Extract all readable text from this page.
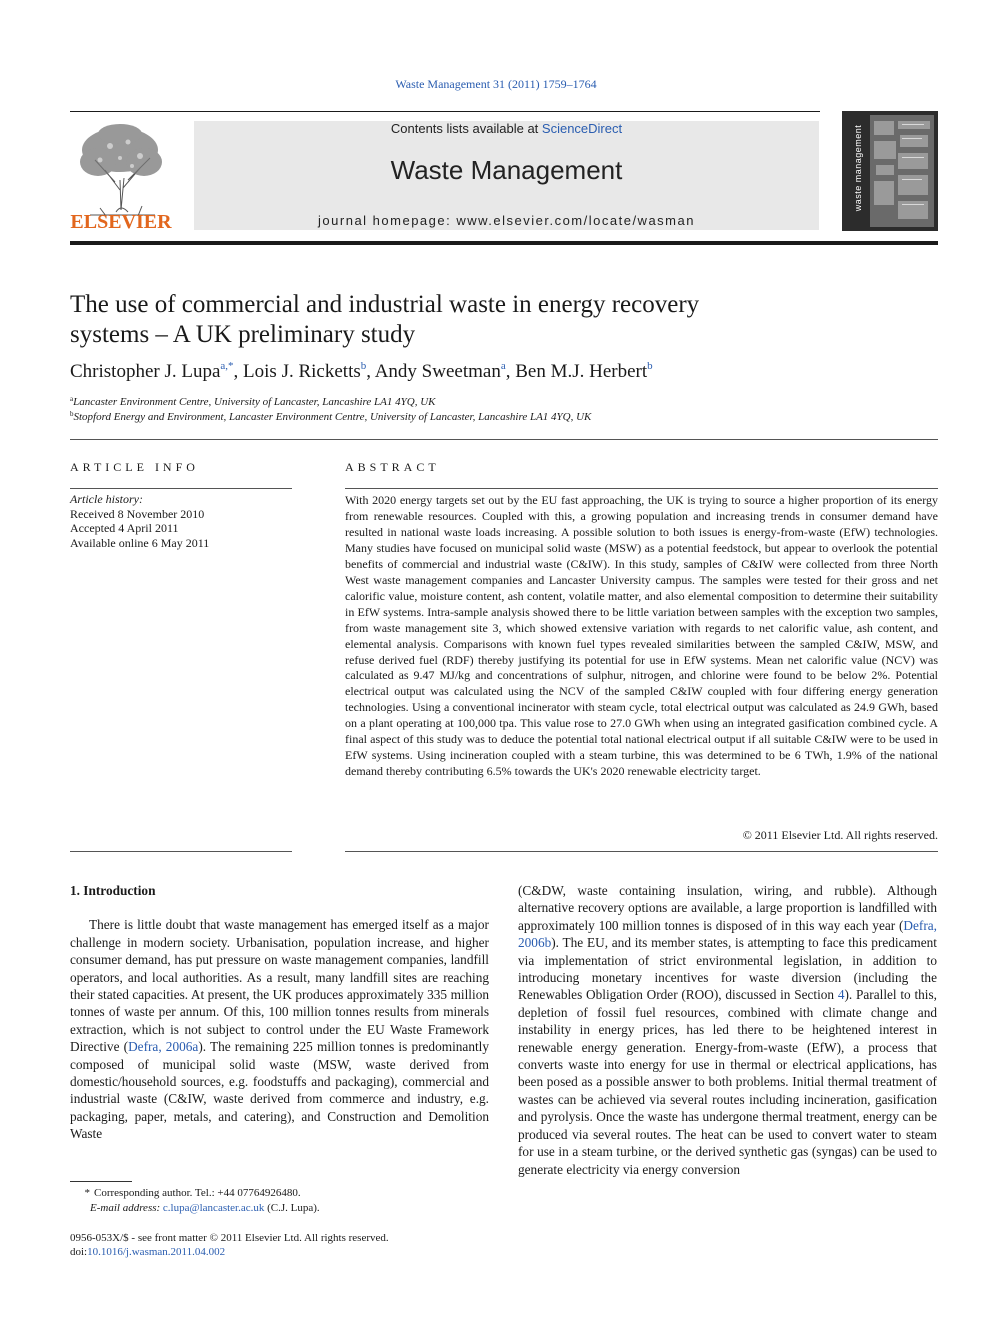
Waste Management 31 (2011) 1759–1764
ELSEVIER
Contents lists available at ScienceDirect
Waste Management
journal homepage: www.elsevier.com/locate/wasman
waste management
The use of commercial and industrial waste in energy recovery systems – A UK preliminary study
Christopher J. Lupa$^{a,*}$, Lois J. Ricketts$^b$, Andy Sweetman$^a$, Ben M.J. Herbert$^b$
$^a$Lancaster Environment Centre, University of Lancaster, Lancashire LA1 4YQ, UK
$^b$Stopford Energy and Environment, Lancaster Environment Centre, University of Lancaster, Lancashire LA1 4YQ, UK
ARTICLE INFO
Article history:
Received 8 November 2010
Accepted 4 April 2011
Available online 6 May 2011
ABSTRACT
With 2020 energy targets set out by the EU fast approaching, the UK is trying to source a higher proportion of its energy from renewable resources. Coupled with this, a growing population and increasing trends in consumer demand have resulted in national waste loads increasing. A possible solution to both issues is energy-from-waste (EfW) technologies. Many studies have focused on municipal solid waste (MSW) as a potential feedstock, but appear to overlook the potential benefits of commercial and industrial waste (C&IW). In this study, samples of C&IW were collected from three North West waste management companies and Lancaster University campus. The samples were tested for their gross and net calorific value, moisture content, ash content, volatile matter, and also elemental composition to determine their suitability in EfW systems. Intra-sample analysis showed there to be little variation between samples with the exception two samples, from waste management site 3, which showed extensive variation with regards to net calorific value, ash content, and elemental analysis. Comparisons with known fuel types revealed similarities between the sampled C&IW, MSW, and refuse derived fuel (RDF) thereby justifying its potential for use in EfW systems. Mean net calorific value (NCV) was calculated as 9.47 MJ/kg and concentrations of sulphur, nitrogen, and chlorine were found to be below 2%. Potential electrical output was calculated using the NCV of the sampled C&IW coupled with four differing energy generation technologies. Using a conventional incinerator with steam cycle, total electrical output was calculated as 24.9 GWh, based on a plant operating at 100,000 tpa. This value rose to 27.0 GWh when using an integrated gasification combined cycle. A final aspect of this study was to deduce the potential total national electrical output if all suitable C&IW were to be used in EfW systems. Using incineration coupled with a steam turbine, this was determined to be 6 TWh, 1.9% of the national demand thereby contributing 6.5% towards the UK's 2020 renewable electricity target.
© 2011 Elsevier Ltd. All rights reserved.
1. Introduction
There is little doubt that waste management has emerged itself as a major challenge in modern society. Urbanisation, population increase, and higher consumer demand, has put pressure on waste management companies, landfill operators, and local authorities. As a result, many landfill sites are reaching their stated capacities. At present, the UK produces approximately 335 million tonnes of waste per annum. Of this, 100 million tonnes results from minerals extraction, which is not subject to control under the EU Waste Framework Directive (Defra, 2006a). The remaining 225 million tonnes is predominantly composed of municipal solid waste (MSW, waste derived from domestic/household sources, e.g. foodstuffs and packaging), commercial and industrial waste (C&IW, waste derived from commerce and industry, e.g. packaging, paper, metals, and catering), and Construction and Demolition Waste
(C&DW, waste containing insulation, wiring, and rubble). Although alternative recovery options are available, a large proportion is landfilled with approximately 100 million tonnes is disposed of in this way each year (Defra, 2006b). The EU, and its member states, is attempting to face this predicament via implementation of strict environmental legislation, in addition to introducing monetary incentives for waste diversion (including the Renewables Obligation Order (ROO), discussed in Section 4). Parallel to this, depletion of fossil fuel resources, combined with climate change and instability in energy prices, has led there to be heightened interest in renewable energy generation. Energy-from-waste (EfW), a process that converts waste into energy for use in thermal or electrical applications, has been posed as a possible answer to both problems. Initial thermal treatment of wastes can be achieved via several routes including incineration, gasification and pyrolysis. Once the waste has undergone thermal treatment, energy can be produced via several routes. The heat can be used to convert water to steam for use in a steam turbine, or the derived synthetic gas (syngas) can be used to generate electricity via energy conversion
* Corresponding author. Tel.: +44 07764926480.
E-mail address: c.lupa@lancaster.ac.uk (C.J. Lupa).
0956-053X/$ - see front matter © 2011 Elsevier Ltd. All rights reserved.
doi:10.1016/j.wasman.2011.04.002
